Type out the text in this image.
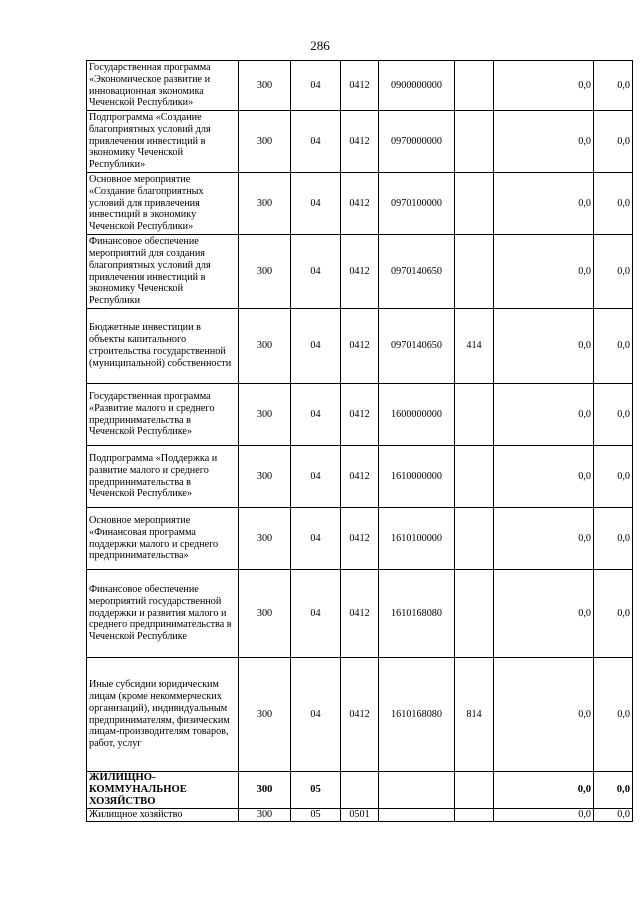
286
Государственная программа «Экономическое развитие и инновационная экономика Чеченской Республики»	300	04	0412	0900000000		0,0	0,0
Подпрограмма «Создание благоприятных условий для привлечения инвестиций в экономику Чеченской Республики»	300	04	0412	0970000000		0,0	0,0
Основное мероприятие «Создание благоприятных условий для привлечения инвестиций в экономику Чеченской Республики»	300	04	0412	0970100000		0,0	0,0
Финансовое обеспечение мероприятий для создания благоприятных условий для привлечения инвестиций в экономику Чеченской Республики	300	04	0412	0970140650		0,0	0,0
Бюджетные инвестиции в объекты капитального строительства государственной (муниципальной) собственности	300	04	0412	0970140650	414	0,0	0,0
Государственная программа «Развитие малого и среднего предпринимательства в Чеченской Республике»	300	04	0412	1600000000		0,0	0,0
Подпрограмма «Поддержка и развитие малого и среднего предпринимательства в Чеченской Республике»	300	04	0412	1610000000		0,0	0,0
Основное мероприятие «Финансовая программа поддержки малого и среднего предпринимательства»	300	04	0412	1610100000		0,0	0,0
Финансовое обеспечение мероприятий государственной поддержки и развития малого и среднего предпринимательства в Чеченской Республике	300	04	0412	1610168080		0,0	0,0
Иные субсидии юридическим лицам (кроме некоммерческих организаций), индивидуальным предпринимателям, физическим лицам-производителям товаров, работ, услуг	300	04	0412	1610168080	814	0,0	0,0
ЖИЛИЩНО-КОММУНАЛЬНОЕ ХОЗЯЙСТВО	300	05				0,0	0,0
Жилищное хозяйство	300	05	0501			0,0	0,0
